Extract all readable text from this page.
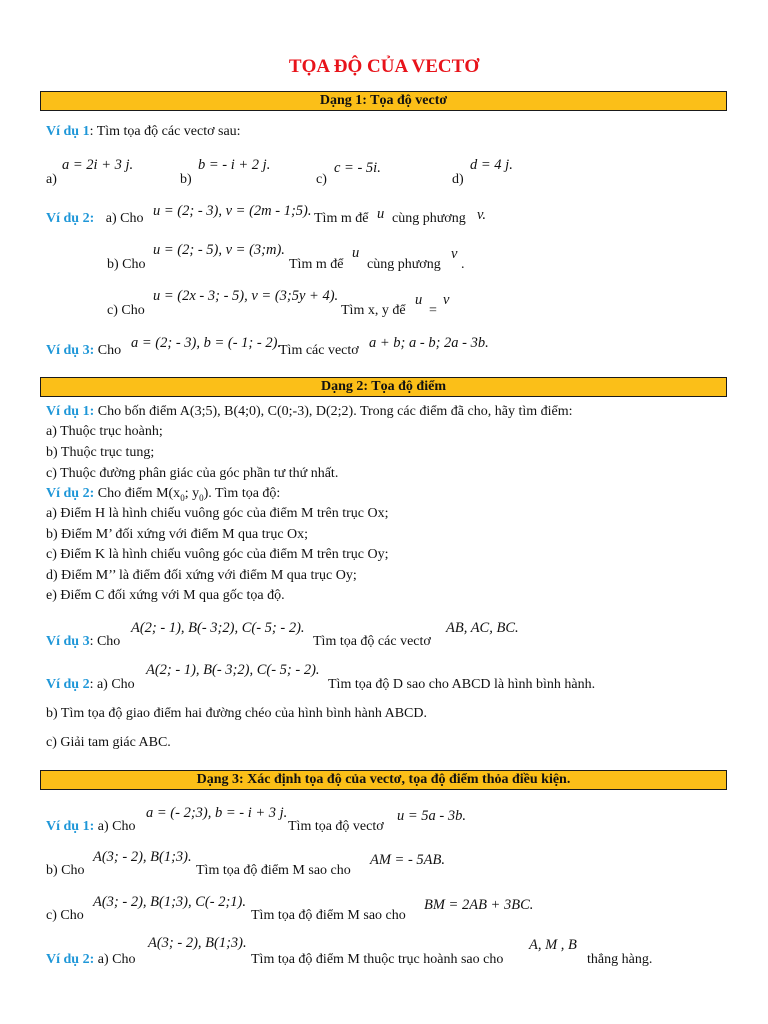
TỌA ĐỘ CỦA VECTƠ
Dạng 1: Tọa độ vectơ
Ví dụ 1: Tìm tọa độ các vectơ sau:
a)
a = 2i + 3 j.
b)
b = - i + 2 j.
c)
c = - 5i.
d)
d = 4 j.
Ví dụ 2: a) Cho u = (2; - 3), v = (2m - 1;5). Tìm m để u cùng phương v.
b) Cho
u = (2; - 5), v = (3;m).
Tìm m để
u
cùng phương
v
.
c) Cho
u = (2x - 3; - 5), v = (3;5y + 4).
Tìm x, y để
u
=
v
Ví dụ 3: Cho a = (2; - 3), b = (- 1; - 2).
Tìm các vectơ a + b; a - b; 2a - 3b.
Dạng 2: Tọa độ điểm
Ví dụ 1: Cho bốn điểm A(3;5), B(4;0), C(0;-3), D(2;2). Trong các điểm đã cho, hãy tìm điểm:
a) Thuộc trục hoành;
b) Thuộc trục tung;
c) Thuộc đường phân giác của góc phần tư thứ nhất.
Ví dụ 2: Cho điểm $M(x_0$; $y_0$). Tìm tọa độ:
a) Điểm H là hình chiếu vuông góc của điểm M trên trục Ox;
b) Điểm M’ đối xứng với điểm M qua trục Ox;
c) Điểm K là hình chiếu vuông góc của điểm M trên trục Oy;
d) Điểm M’’ là điểm đối xứng với điểm M qua trục Oy;
e) Điểm C đối xứng với M qua gốc tọa độ.
Ví dụ 3: Cho
A(2; - 1), B(- 3;2), C(- 5; - 2).
Tìm tọa độ các vectơ
AB, AC, BC.
Ví dụ 2: a) Cho
A(2; - 1), B(- 3;2), C(- 5; - 2).
Tìm tọa độ D sao cho ABCD là hình bình hành.
b) Tìm tọa độ giao điểm hai đường chéo của hình bình hành ABCD.
c) Giải tam giác ABC.
Dạng 3: Xác định tọa độ của vectơ, tọa độ điểm thỏa điều kiện.
Ví dụ 1: a) Cho
a = (- 2;3), b = - i + 3 j.
Tìm tọa độ vectơ
u = 5a - 3b.
b) Cho
A(3; - 2), B(1;3).
Tìm tọa độ điểm M sao cho
AM = - 5AB.
c) Cho
A(3; - 2), B(1;3), C(- 2;1).
Tìm tọa độ điểm M sao cho
BM = 2AB + 3BC.
Ví dụ 2: a) Cho
A(3; - 2), B(1;3).
Tìm tọa độ điểm M thuộc trục hoành sao cho
A, M , B
thẳng hàng.
